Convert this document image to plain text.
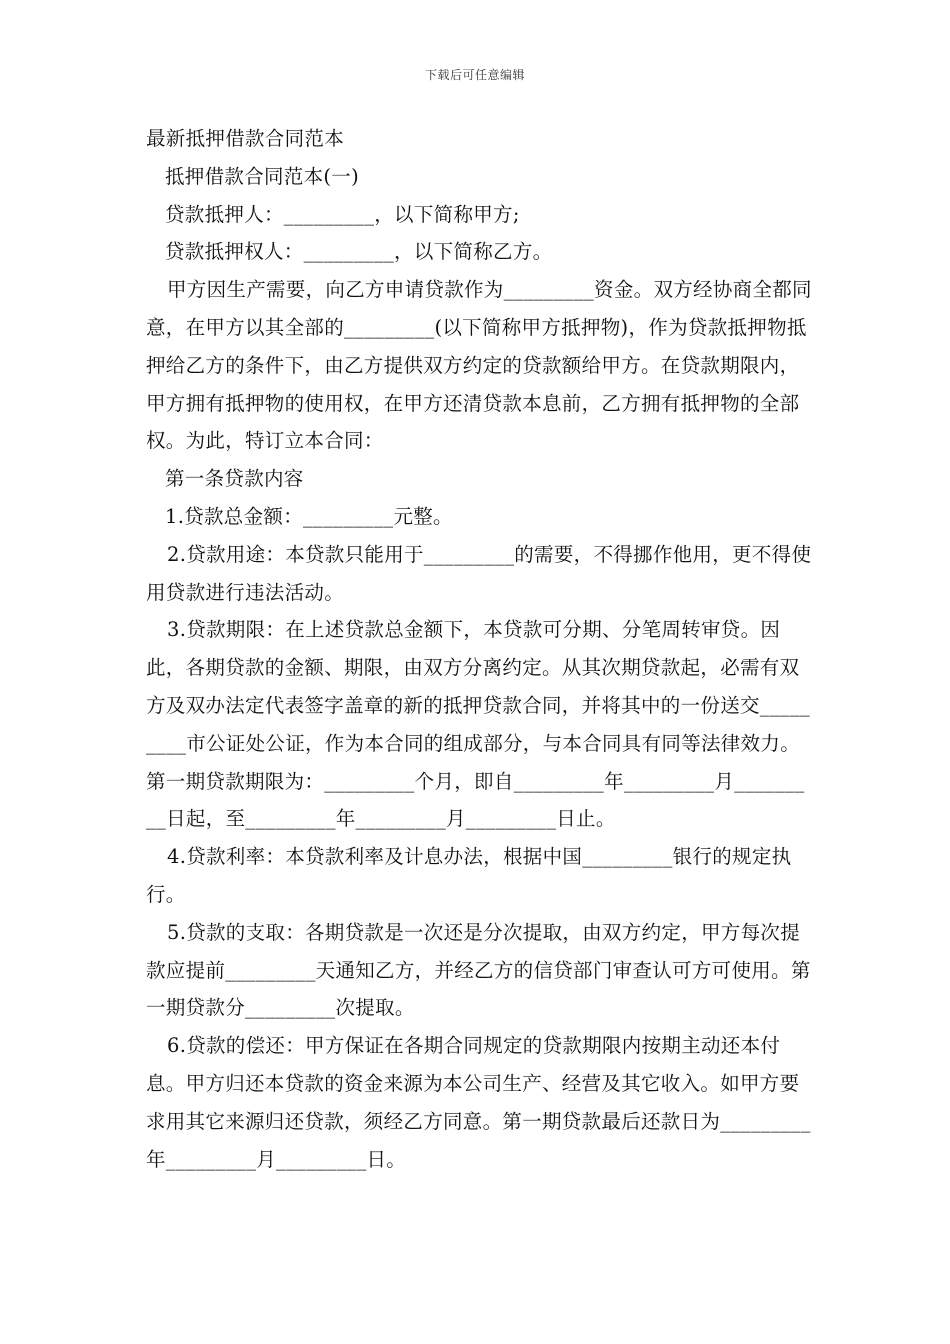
下载后可任意编辑

最新抵押借款合同范本

抵押借款合同范本(一)

贷款抵押人：_________，以下简称甲方;

贷款抵押权人：_________，以下简称乙方。

甲方因生产需要，向乙方申请贷款作为_________资金。双方经协商全都同意，在甲方以其全部的_________(以下简称甲方抵押物)，作为贷款抵押物抵押给乙方的条件下，由乙方提供双方约定的贷款额给甲方。在贷款期限内，甲方拥有抵押物的使用权，在甲方还清贷款本息前，乙方拥有抵押物的全部权。为此，特订立本合同：

第一条贷款内容

1.贷款总金额：_________元整。

2.贷款用途：本贷款只能用于_________的需要，不得挪作他用，更不得使用贷款进行违法活动。

3.贷款期限：在上述贷款总金额下，本贷款可分期、分笔周转审贷。因此，各期贷款的金额、期限，由双方分离约定。从其次期贷款起，必需有双方及双办法定代表签字盖章的新的抵押贷款合同，并将其中的一份送交_________市公证处公证，作为本合同的组成部分，与本合同具有同等法律效力。第一期贷款期限为：_________个月，即自_________年_________月_________日起，至_________年_________月_________日止。

4.贷款利率：本贷款利率及计息办法，根据中国_________银行的规定执行。

5.贷款的支取：各期贷款是一次还是分次提取，由双方约定，甲方每次提款应提前_________天通知乙方，并经乙方的信贷部门审查认可方可使用。第一期贷款分_________次提取。

6.贷款的偿还：甲方保证在各期合同规定的贷款期限内按期主动还本付息。甲方归还本贷款的资金来源为本公司生产、经营及其它收入。如甲方要求用其它来源归还贷款，须经乙方同意。第一期贷款最后还款日为_________年_________月_________日。
